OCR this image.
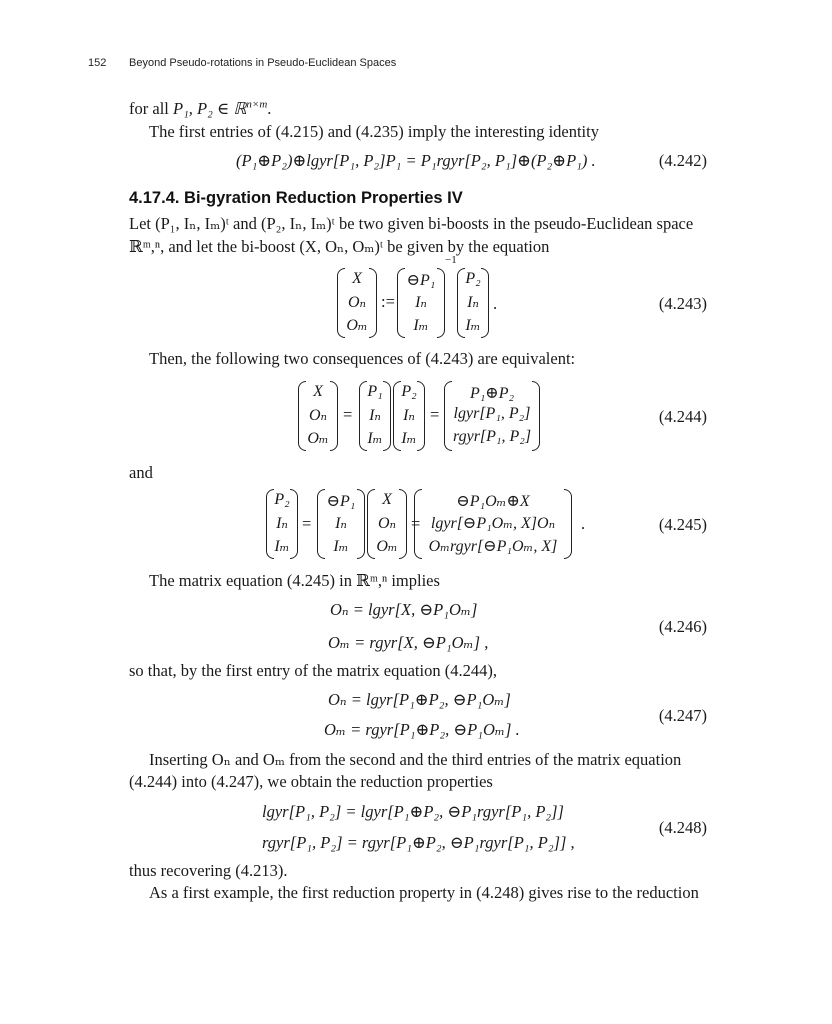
152 Beyond Pseudo-rotations in Pseudo-Euclidean Spaces
for all P₁, P₂ ∈ ℝ$^{n\times m}$.
The first entries of (4.215) and (4.235) imply the interesting identity
(P₁⊕P₂)⊕lgyr[P₁, P₂]P₁ = P₁rgyr[P₂, P₁]⊕(P₂⊕P₁) .	(4.242)
4.17.4. Bi-gyration Reduction Properties IV
Let (P₁, Iₙ, Iₘ)ᵗ and (P₂, Iₙ, Iₘ)ᵗ be two given bi-boosts in the pseudo-Euclidean space
ℝᵐ,ⁿ, and let the bi-boost (X, Oₙ, Oₘ)ᵗ be given by the equation
X
Oₙ
Oₘ
:=
⊖P₁
Iₙ
Iₘ
−1
P₂
Iₙ
Iₘ
.	(4.243)
Then, the following two consequences of (4.243) are equivalent:
X
Oₙ
Oₘ
=
P₁
Iₙ
Iₘ
P₂
Iₙ
Iₘ
=
P₁⊕P₂
lgyr[P₁, P₂]
rgyr[P₁, P₂]
(4.244)
and
P₂
Iₙ
Iₘ
=
⊖P₁
Iₙ
Iₘ
X
Oₙ
Oₘ
=
⊖P₁Oₘ⊕X
lgyr[⊖P₁Oₘ, X]Oₙ
Oₘrgyr[⊖P₁Oₘ, X]
.	(4.245)
The matrix equation (4.245) in ℝᵐ,ⁿ implies
Oₙ = lgyr[X, ⊖P₁Oₘ]
Oₘ = rgyr[X, ⊖P₁Oₘ] ,
(4.246)
so that, by the first entry of the matrix equation (4.244),
Oₙ = lgyr[P₁⊕P₂, ⊖P₁Oₘ]
Oₘ = rgyr[P₁⊕P₂, ⊖P₁Oₘ] .
(4.247)
Inserting Oₙ and Oₘ from the second and the third entries of the matrix equation
(4.244) into (4.247), we obtain the reduction properties
lgyr[P₁, P₂] = lgyr[P₁⊕P₂, ⊖P₁rgyr[P₁, P₂]]
rgyr[P₁, P₂] = rgyr[P₁⊕P₂, ⊖P₁rgyr[P₁, P₂]] ,
(4.248)
thus recovering (4.213).
As a first example, the first reduction property in (4.248) gives rise to the reduction
